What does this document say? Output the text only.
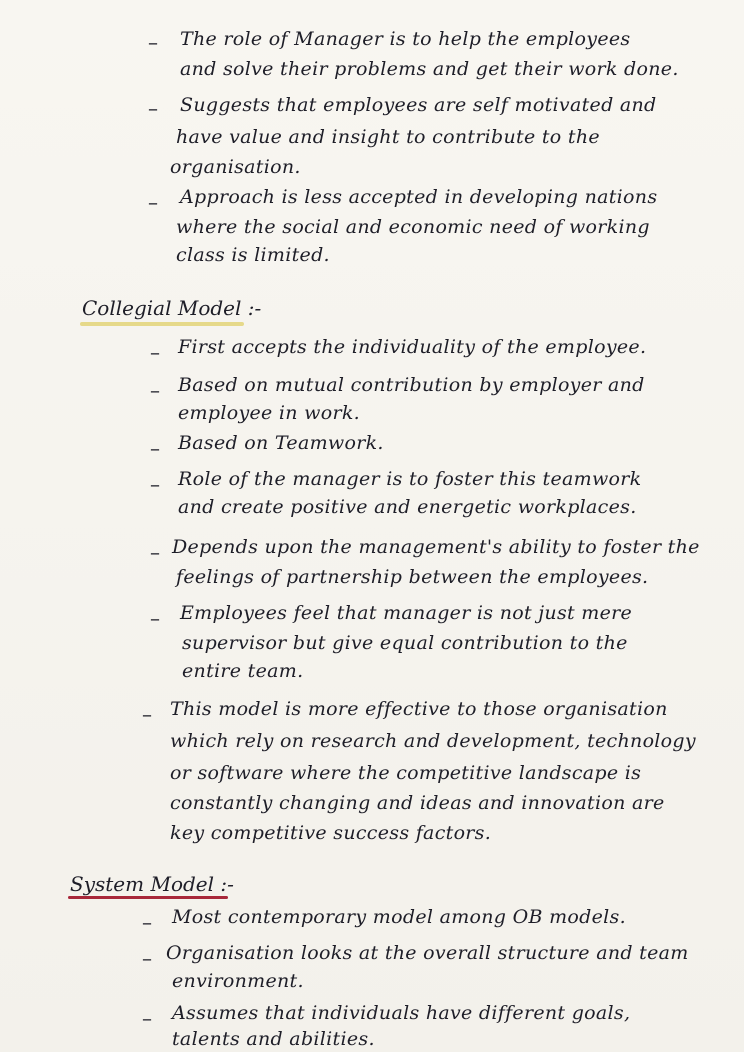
– The role of Manager is to help the employees
and solve their problems and get their work done.
– Suggests that employees are self motivated and
have value and insight to contribute to the
organisation.
– Approach is less accepted in developing nations
where the social and economic need of working
class is limited.
Collegial Model :-
– First accepts the individuality of the employee.
– Based on mutual contribution by employer and
employee in work.
– Based on Teamwork.
– Role of the manager is to foster this teamwork
and create positive and energetic workplaces.
– Depends upon the management's ability to foster the
feelings of partnership between the employees.
– Employees feel that manager is not just mere
supervisor but give equal contribution to the
entire team.
– This model is more effective to those organisation
which rely on research and development, technology
or software where the competitive landscape is
constantly changing and ideas and innovation are
key competitive success factors.
System Model :-
– Most contemporary model among OB models.
– Organisation looks at the overall structure and team
environment.
– Assumes that individuals have different goals,
talents and abilities.
